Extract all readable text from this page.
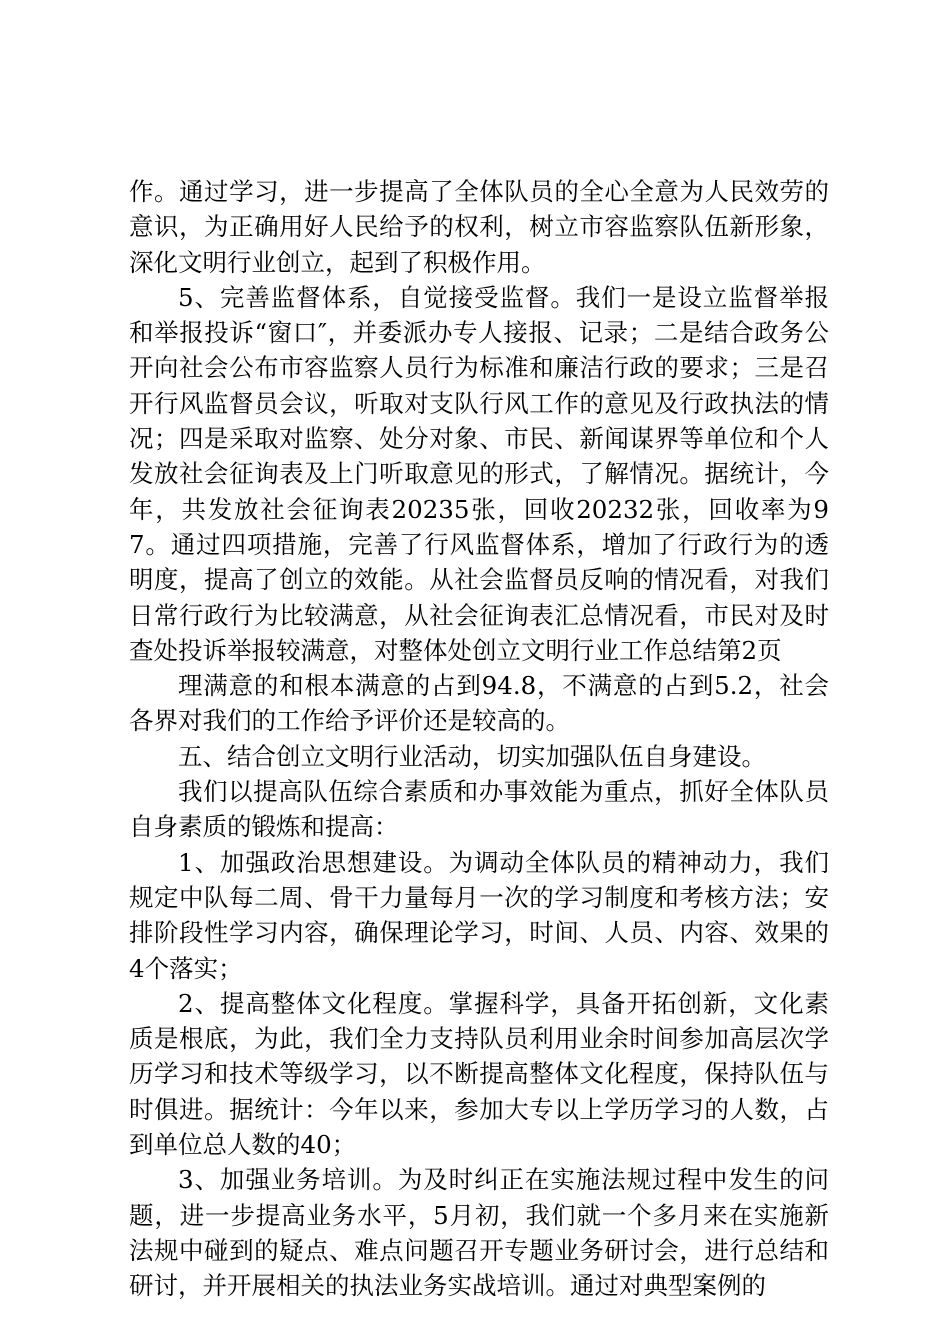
作。通过学习，进一步提高了全体队员的全心全意为人民效劳的意识，为正确用好人民给予的权利，树立市容监察队伍新形象，深化文明行业创立，起到了积极作用。

5、完善监督体系，自觉接受监督。我们一是设立监督举报和举报投诉“窗口″，并委派办专人接报、记录；二是结合政务公开向社会公布市容监察人员行为标准和廉洁行政的要求；三是召开行风监督员会议，听取对支队行风工作的意见及行政执法的情况；四是采取对监察、处分对象、市民、新闻谋界等单位和个人发放社会征询表及上门听取意见的形式，了解情况。据统计，今年，共发放社会征询表20235张，回收20232张，回收率为97。通过四项措施，完善了行风监督体系，增加了行政行为的透明度，提高了创立的效能。从社会监督员反响的情况看，对我们日常行政行为比较满意，从社会征询表汇总情况看，市民对及时查处投诉举报较满意，对整体处创立文明行业工作总结第2页

理满意的和根本满意的占到94.8，不满意的占到5.2，社会各界对我们的工作给予评价还是较高的。

五、结合创立文明行业活动，切实加强队伍自身建设。

我们以提高队伍综合素质和办事效能为重点，抓好全体队员自身素质的锻炼和提高：

1、加强政治思想建设。为调动全体队员的精神动力，我们规定中队每二周、骨干力量每月一次的学习制度和考核方法；安排阶段性学习内容，确保理论学习，时间、人员、内容、效果的4个落实；

2、提高整体文化程度。掌握科学，具备开拓创新，文化素质是根底，为此，我们全力支持队员利用业余时间参加高层次学历学习和技术等级学习，以不断提高整体文化程度，保持队伍与时俱进。据统计：今年以来，参加大专以上学历学习的人数，占到单位总人数的40；

3、加强业务培训。为及时纠正在实施法规过程中发生的问题，进一步提高业务水平，5月初，我们就一个多月来在实施新法规中碰到的疑点、难点问题召开专题业务研讨会，进行总结和研讨，并开展相关的执法业务实战培训。通过对典型案例的
